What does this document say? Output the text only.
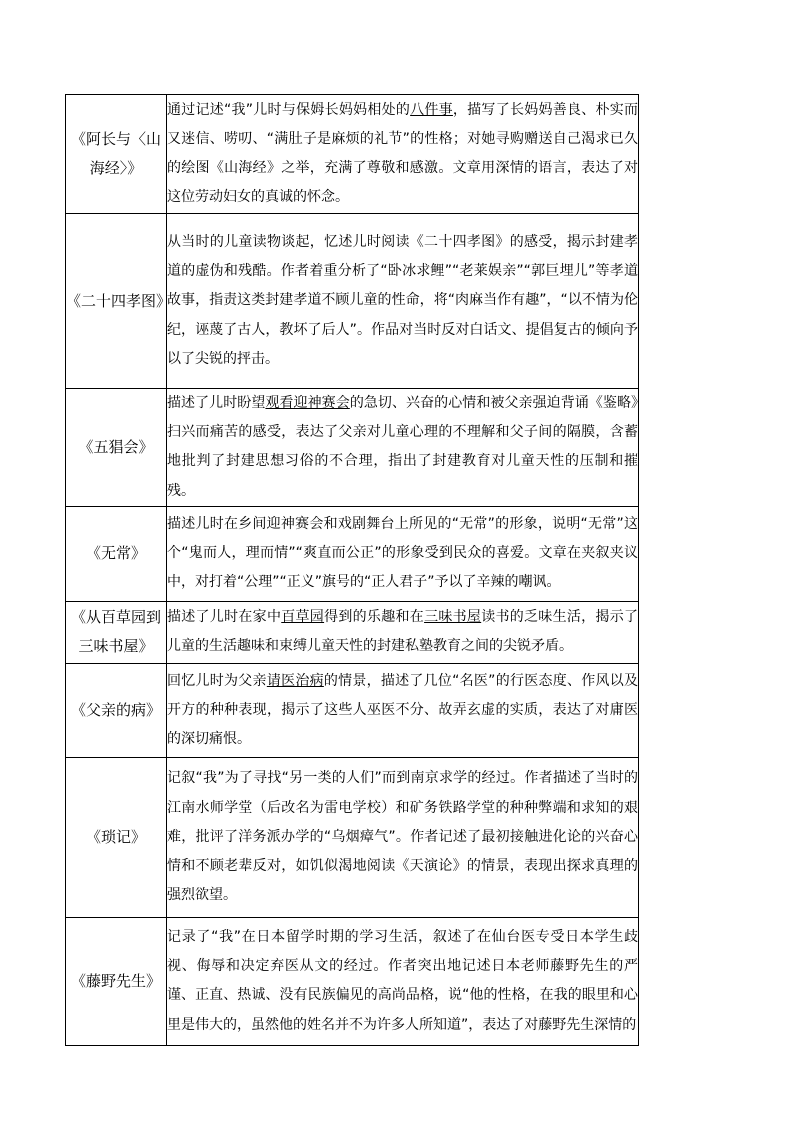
《阿长与〈山海经〉》	通过记述“我”儿时与保姆长妈妈相处的八件事，描写了长妈妈善良、朴实而又迷信、唠叨、“满肚子是麻烦的礼节”的性格；对她寻购赠送自己渴求已久的绘图《山海经》之举，充满了尊敬和感激。文章用深情的语言，表达了对这位劳动妇女的真诚的怀念。
《二十四孝图》	从当时的儿童读物谈起，忆述儿时阅读《二十四孝图》的感受，揭示封建孝道的虚伪和残酷。作者着重分析了“卧冰求鲤”“老莱娱亲”“郭巨埋儿”等孝道故事，指责这类封建孝道不顾儿童的性命，将“肉麻当作有趣”，“以不情为伦纪，诬蔑了古人，教坏了后人”。作品对当时反对白话文、提倡复古的倾向予以了尖锐的抨击。
《五猖会》	描述了儿时盼望观看迎神赛会的急切、兴奋的心情和被父亲强迫背诵《鉴略》扫兴而痛苦的感受，表达了父亲对儿童心理的不理解和父子间的隔膜，含蓄地批判了封建思想习俗的不合理，指出了封建教育对儿童天性的压制和摧残。
《无常》	描述儿时在乡间迎神赛会和戏剧舞台上所见的“无常”的形象，说明“无常”这个“鬼而人，理而情”“爽直而公正”的形象受到民众的喜爱。文章在夹叙夹议中，对打着“公理”“正义”旗号的“正人君子”予以了辛辣的嘲讽。
《从百草园到三味书屋》	描述了儿时在家中百草园得到的乐趣和在三味书屋读书的乏味生活，揭示了儿童的生活趣味和束缚儿童天性的封建私塾教育之间的尖锐矛盾。
《父亲的病》	回忆儿时为父亲请医治病的情景，描述了几位“名医”的行医态度、作风以及开方的种种表现，揭示了这些人巫医不分、故弄玄虚的实质，表达了对庸医的深切痛恨。
《琐记》	记叙“我”为了寻找“另一类的人们”而到南京求学的经过。作者描述了当时的江南水师学堂（后改名为雷电学校）和矿务铁路学堂的种种弊端和求知的艰难，批评了洋务派办学的“乌烟瘴气”。作者记述了最初接触进化论的兴奋心情和不顾老辈反对，如饥似渴地阅读《天演论》的情景，表现出探求真理的强烈欲望。
《藤野先生》	记录了“我”在日本留学时期的学习生活，叙述了在仙台医专受日本学生歧视、侮辱和决定弃医从文的经过。作者突出地记述日本老师藤野先生的严谨、正直、热诚、没有民族偏见的高尚品格，说“他的性格，在我的眼里和心里是伟大的，虽然他的姓名并不为许多人所知道”，表达了对藤野先生深情的
